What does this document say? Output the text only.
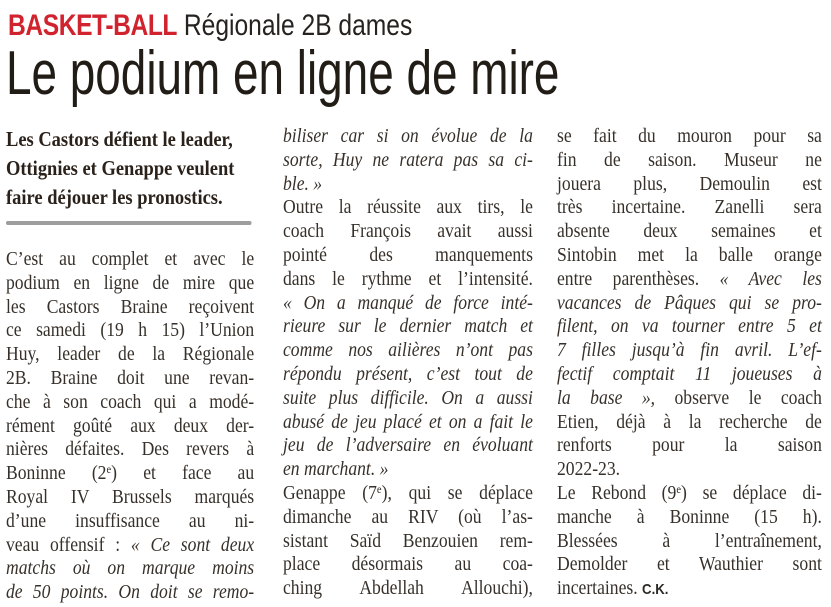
BASKET-BALL Régionale 2B dames
Le podium en ligne de mire
Les Castors défient le leader,
Ottignies et Genappe veulent
faire déjouer les pronostics.
C’est au complet et avec le
podium en ligne de mire que
les Castors Braine reçoivent
ce samedi (19 h 15) l’Union
Huy, leader de la Régionale
2B. Braine doit une revan-
che à son coach qui a modé-
rément goûté aux deux der-
nières défaites. Des revers à
Boninne (2e) et face au
Royal IV Brussels marqués
d’une insuffisance au ni-
veau offensif : « Ce sont deux
matchs où on marque moins
de 50 points. On doit se remo-
biliser car si on évolue de la
sorte, Huy ne ratera pas sa ci-
ble. »
Outre la réussite aux tirs, le
coach François avait aussi
pointé des manquements
dans le rythme et l’intensité.
« On a manqué de force inté-
rieure sur le dernier match et
comme nos ailières n’ont pas
répondu présent, c’est tout de
suite plus difficile. On a aussi
abusé de jeu placé et on a fait le
jeu de l’adversaire en évoluant
en marchant. »
Genappe (7e), qui se déplace
dimanche au RIV (où l’as-
sistant Saïd Benzouien rem-
place désormais au coa-
ching Abdellah Allouchi),
se fait du mouron pour sa
fin de saison. Museur ne
jouera plus, Demoulin est
très incertaine. Zanelli sera
absente deux semaines et
Sintobin met la balle orange
entre parenthèses. « Avec les
vacances de Pâques qui se pro-
filent, on va tourner entre 5 et
7 filles jusqu’à fin avril. L’ef-
fectif comptait 11 joueuses à
la base », observe le coach
Etien, déjà à la recherche de
renforts pour la saison
2022-23.
Le Rebond (9e) se déplace di-
manche à Boninne (15 h).
Blessées à l’entraînement,
Demolder et Wauthier sont
incertaines. C.K.
